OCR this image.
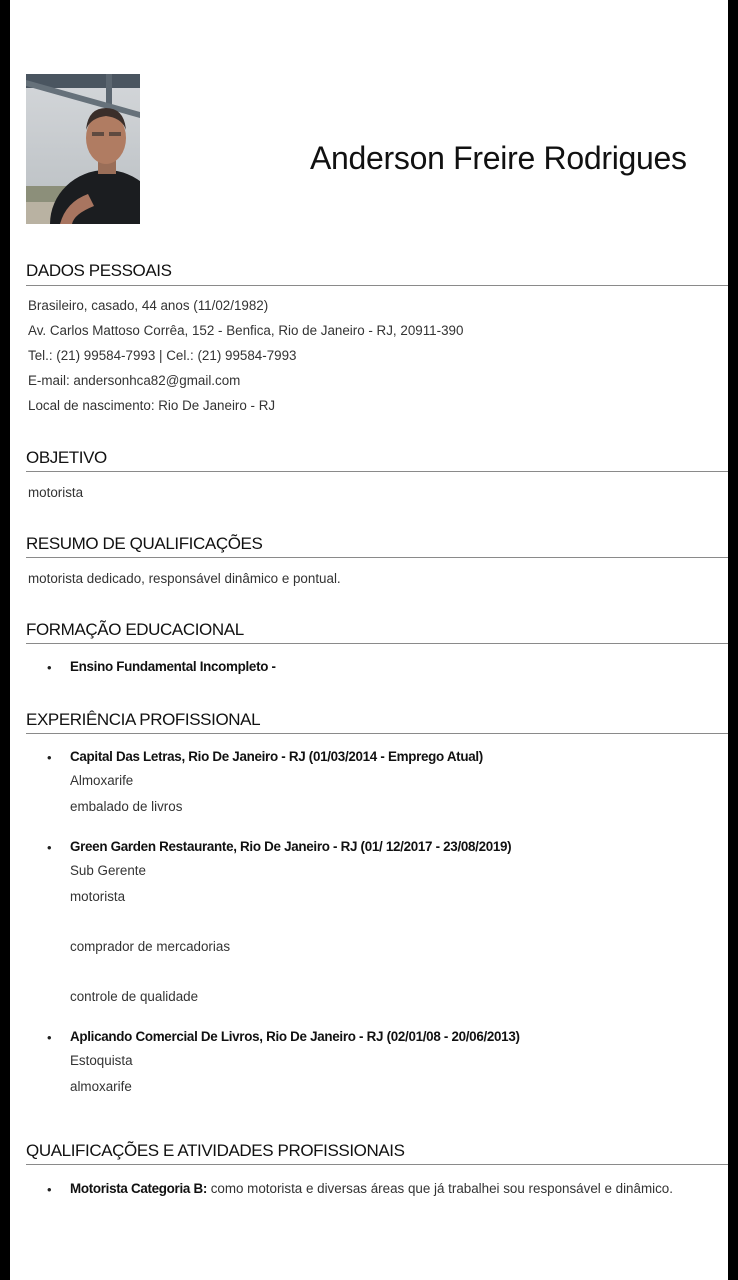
Anderson Freire Rodrigues
DADOS PESSOAIS
Brasileiro, casado, 44 anos (11/02/1982)
Av. Carlos Mattoso Corrêa, 152 - Benfica, Rio de Janeiro - RJ, 20911-390
Tel.: (21) 99584-7993 | Cel.: (21) 99584-7993
E-mail: andersonhca82@gmail.com
Local de nascimento: Rio De Janeiro - RJ
OBJETIVO
motorista
RESUMO DE QUALIFICAÇÕES
motorista dedicado, responsável dinâmico e pontual.
FORMAÇÃO EDUCACIONAL
• Ensino Fundamental Incompleto -
EXPERIÊNCIA PROFISSIONAL
• Capital Das Letras, Rio De Janeiro - RJ (01/03/2014 - Emprego Atual)
Almoxarife
embalado de livros
• Green Garden Restaurante, Rio De Janeiro - RJ (01/ 12/2017 - 23/08/2019)
Sub Gerente
motorista
comprador de mercadorias
controle de qualidade
• Aplicando Comercial De Livros, Rio De Janeiro - RJ (02/01/08 - 20/06/2013)
Estoquista
almoxarife
QUALIFICAÇÕES E ATIVIDADES PROFISSIONAIS
• Motorista Categoria B: como motorista e diversas áreas que já trabalhei sou responsável e dinâmico.
